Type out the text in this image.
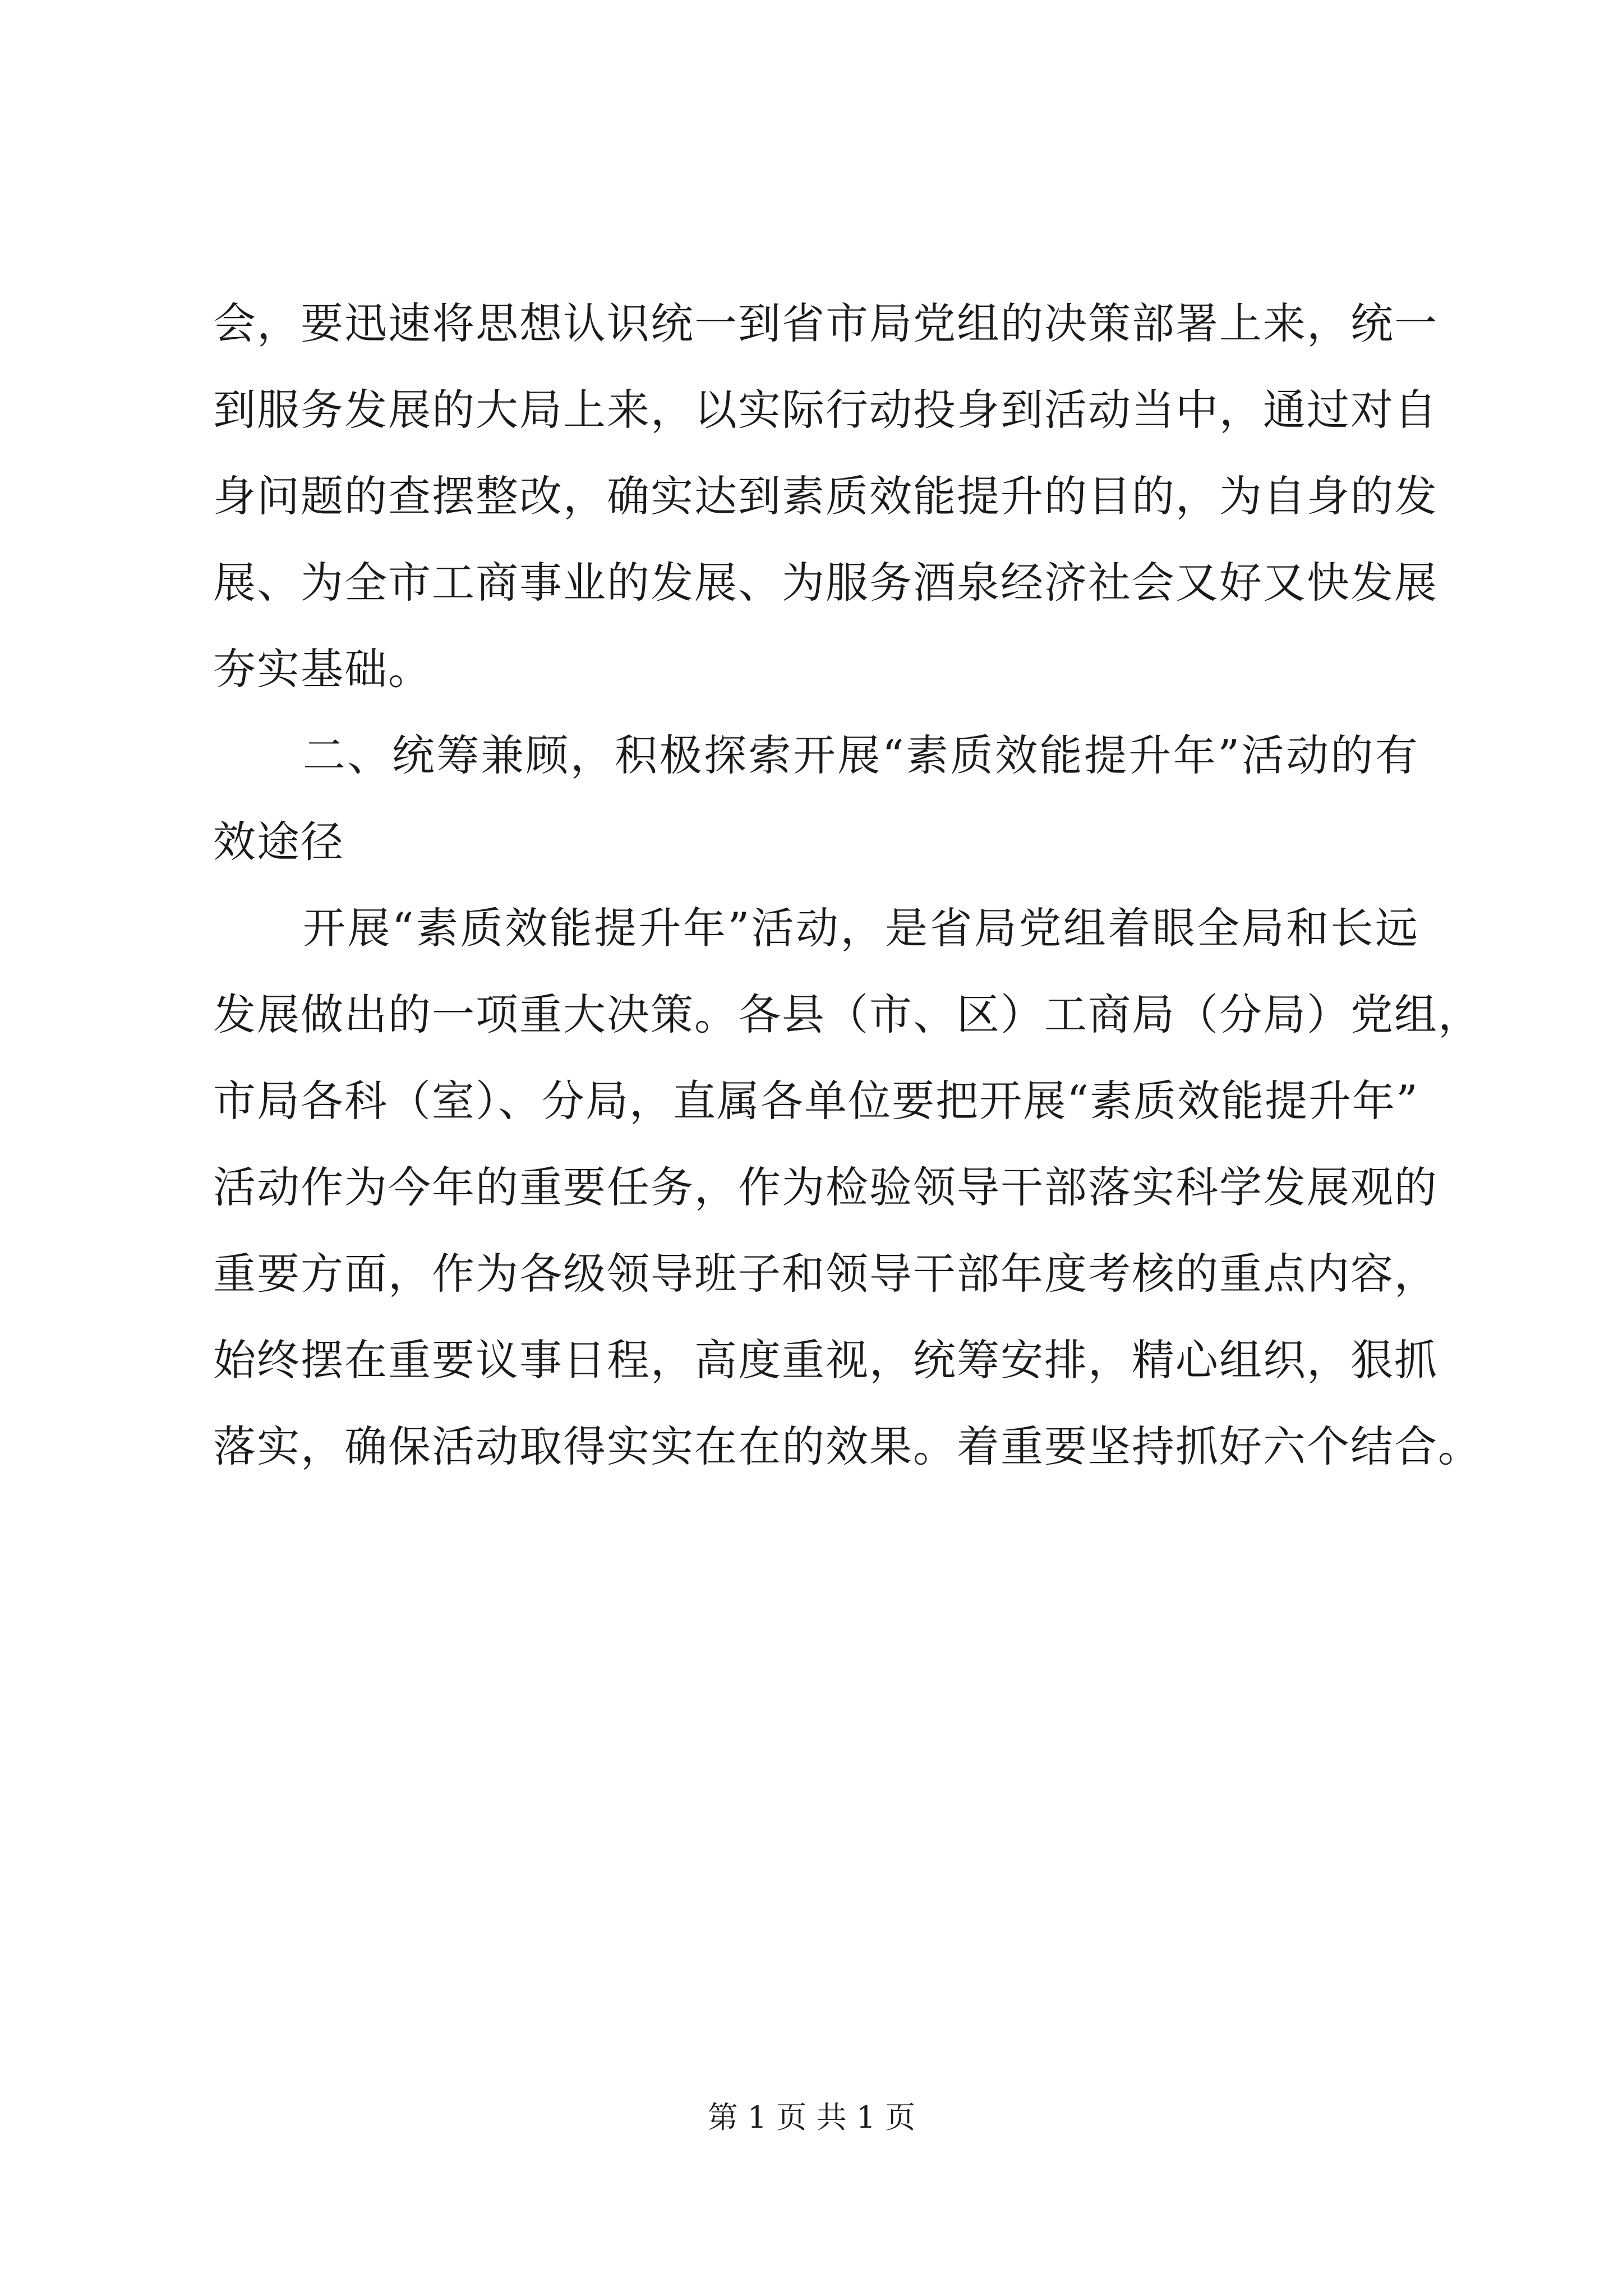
会，要迅速将思想认识统一到省市局党组的决策部署上来，统一
到服务发展的大局上来，以实际行动投身到活动当中，通过对自
身问题的查摆整改，确实达到素质效能提升的目的，为自身的发
展、为全市工商事业的发展、为服务酒泉经济社会又好又快发展
夯实基础。
二、统筹兼顾，积极探索开展“素质效能提升年”活动的有
效途径
开展“素质效能提升年”活动，是省局党组着眼全局和长远
发展做出的一项重大决策。各县（市、区）工商局（分局）党组，
市局各科（室）、分局，直属各单位要把开展“素质效能提升年”
活动作为今年的重要任务，作为检验领导干部落实科学发展观的
重要方面，作为各级领导班子和领导干部年度考核的重点内容，
始终摆在重要议事日程，高度重视，统筹安排，精心组织，狠抓
落实，确保活动取得实实在在的效果。着重要坚持抓好六个结合。
第 1 页 共 1 页
